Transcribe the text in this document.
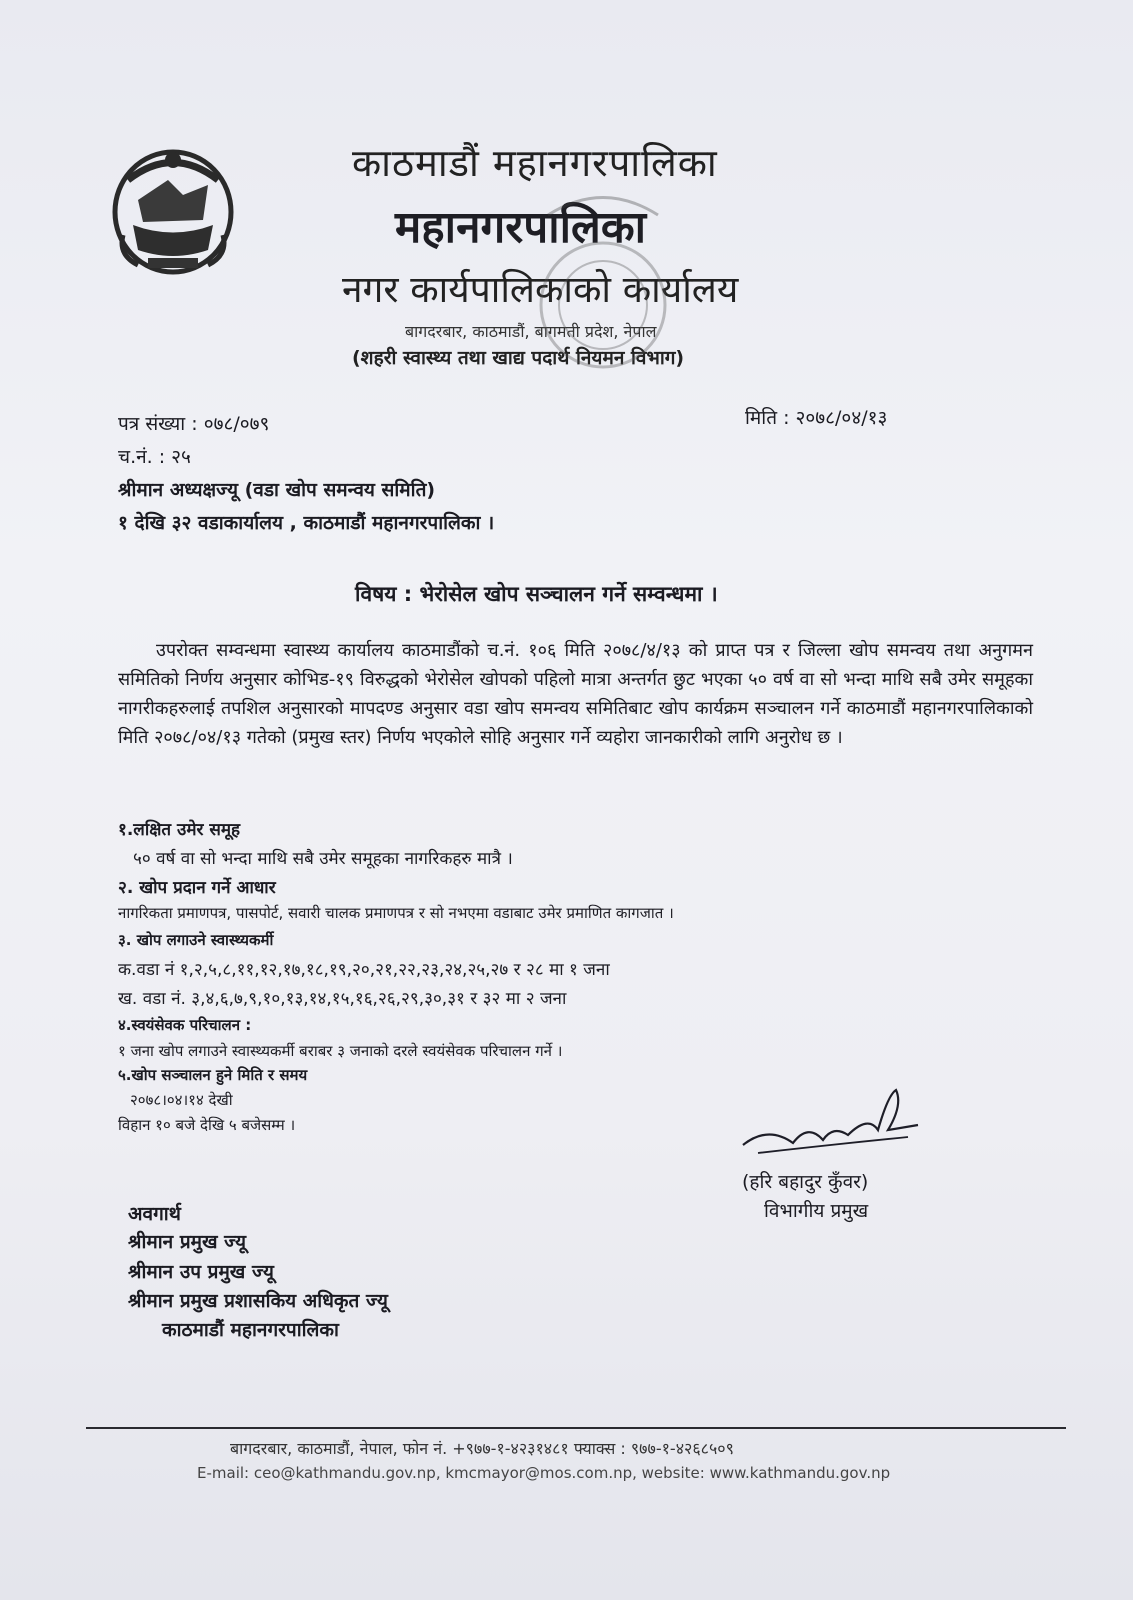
काठमाडौं महानगरपालिका
महानगरपालिका
नगर कार्यपालिकाको कार्यालय
बागदरबार, काठमाडौं, बागमती प्रदेश, नेपाल
(शहरी स्वास्थ्य तथा खाद्य पदार्थ नियमन विभाग)
पत्र संख्या : ०७८/०७९	मिति : २०७८/०४/१३
च.नं. : २५
श्रीमान अध्यक्षज्यू (वडा खोप समन्वय समिति)
१ देखि ३२ वडाकार्यालय , काठमाडौं महानगरपालिका ।
विषय : भेरोसेल खोप सञ्चालन गर्ने सम्वन्धमा ।

उपरोक्त सम्वन्धमा स्वास्थ्य कार्यालय काठमाडौंको च.नं. १०६ मिति २०७८/४/१३ को प्राप्त पत्र र जिल्ला खोप समन्वय तथा अनुगमन समितिको निर्णय अनुसार कोभिड-१९ विरुद्धको भेरोसेल खोपको पहिलो मात्रा अन्तर्गत छुट भएका ५० वर्ष वा सो भन्दा माथि सबै उमेर समूहका नागरीकहरुलाई तपशिल अनुसारको मापदण्ड अनुसार वडा खोप समन्वय समितिबाट खोप कार्यक्रम सञ्चालन गर्ने काठमाडौं महानगरपालिकाको मिति २०७८/०४/१३ गतेको (प्रमुख स्तर) निर्णय भएकोले सोहि अनुसार गर्ने व्यहोरा जानकारीको लागि अनुरोध छ ।

१.लक्षित उमेर समूह
५० वर्ष वा सो भन्दा माथि सबै उमेर समूहका नागरिकहरु मात्रै ।
२. खोप प्रदान गर्ने आधार
नागरिकता प्रमाणपत्र, पासपोर्ट, सवारी चालक प्रमाणपत्र र सो नभएमा वडाबाट उमेर प्रमाणित कागजात ।
३. खोप लगाउने स्वास्थ्यकर्मी
क.वडा नं १,२,५,८,११,१२,१७,१८,१९,२०,२१,२२,२३,२४,२५,२७ र २८ मा १ जना
ख. वडा नं. ३,४,६,७,९,१०,१३,१४,१५,१६,२६,२९,३०,३१ र ३२ मा २ जना
४.स्वयंसेवक परिचालन :
१ जना खोप लगाउने स्वास्थ्यकर्मी बराबर ३ जनाको दरले स्वयंसेवक परिचालन गर्ने ।
५.खोप सञ्चालन हुने मिति र समय
२०७८।०४।१४ देखी
विहान १० बजे देखि ५ बजेसम्म ।
(हरि बहादुर कुँवर)
विभागीय प्रमुख
अवगार्थ
श्रीमान प्रमुख ज्यू
श्रीमान उप प्रमुख ज्यू
श्रीमान प्रमुख प्रशासकिय अधिकृत ज्यू
काठमाडौं महानगरपालिका
बागदरबार, काठमाडौं, नेपाल, फोन नं. +९७७-१-४२३१४८१ फ्याक्स : ९७७-१-४२६८५०९
E-mail: ceo@kathmandu.gov.np, kmcmayor@mos.com.np, website: www.kathmandu.gov.np
